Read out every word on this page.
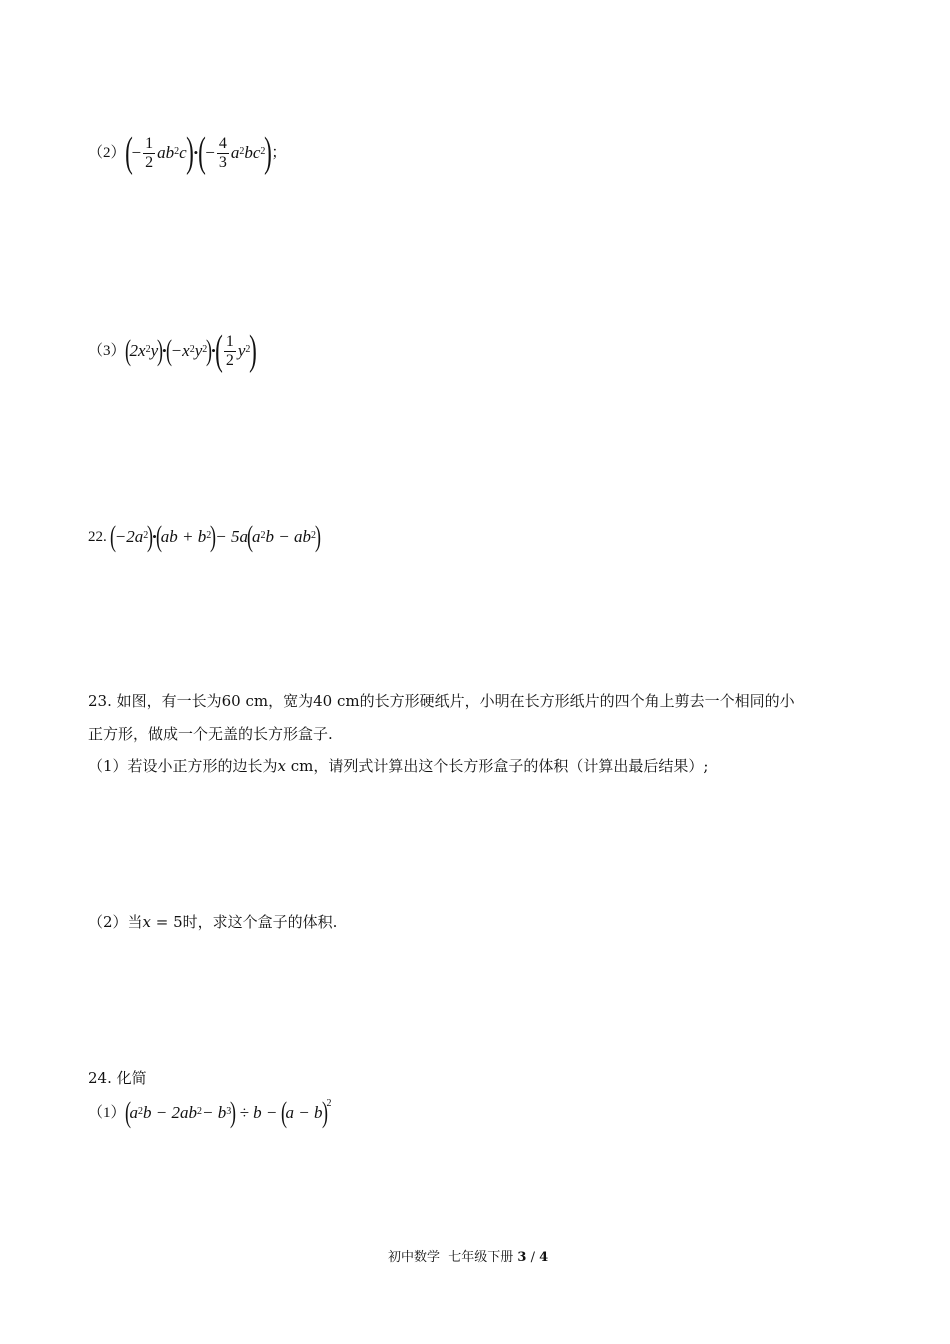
（2） ( − $\frac{1}{2} ab^2$ c ) • ( − $\frac{4}{3} a^2$ $bc^2$ ) ；
（3） ( $2x^2$ y ) • ( $-x^2$ $y^2$ ) • ( $\frac{1}{2} y^2$ )
22. ( $-2a^2$ ) • ( ab + $b^2$ ) − 5a ( $a^2$ $b - ab^2$ )
23. 如图，有一长为60 cm，宽为40 cm的长方形硬纸片，小明在长方形纸片的四个角上剪去一个相同的小
正方形，做成一个无盖的长方形盒子.
（1）若设小正方形的边长为x cm，请列式计算出这个长方形盒子的体积（计算出最后结果）;
（2）当x = 5时，求这个盒子的体积.
24. 化简
（1） ( $a^2$ $b - 2ab^2 - b^3$ ) ÷ b − ( a − b )$^2$
初中数学  七年级下册 3 / 4
